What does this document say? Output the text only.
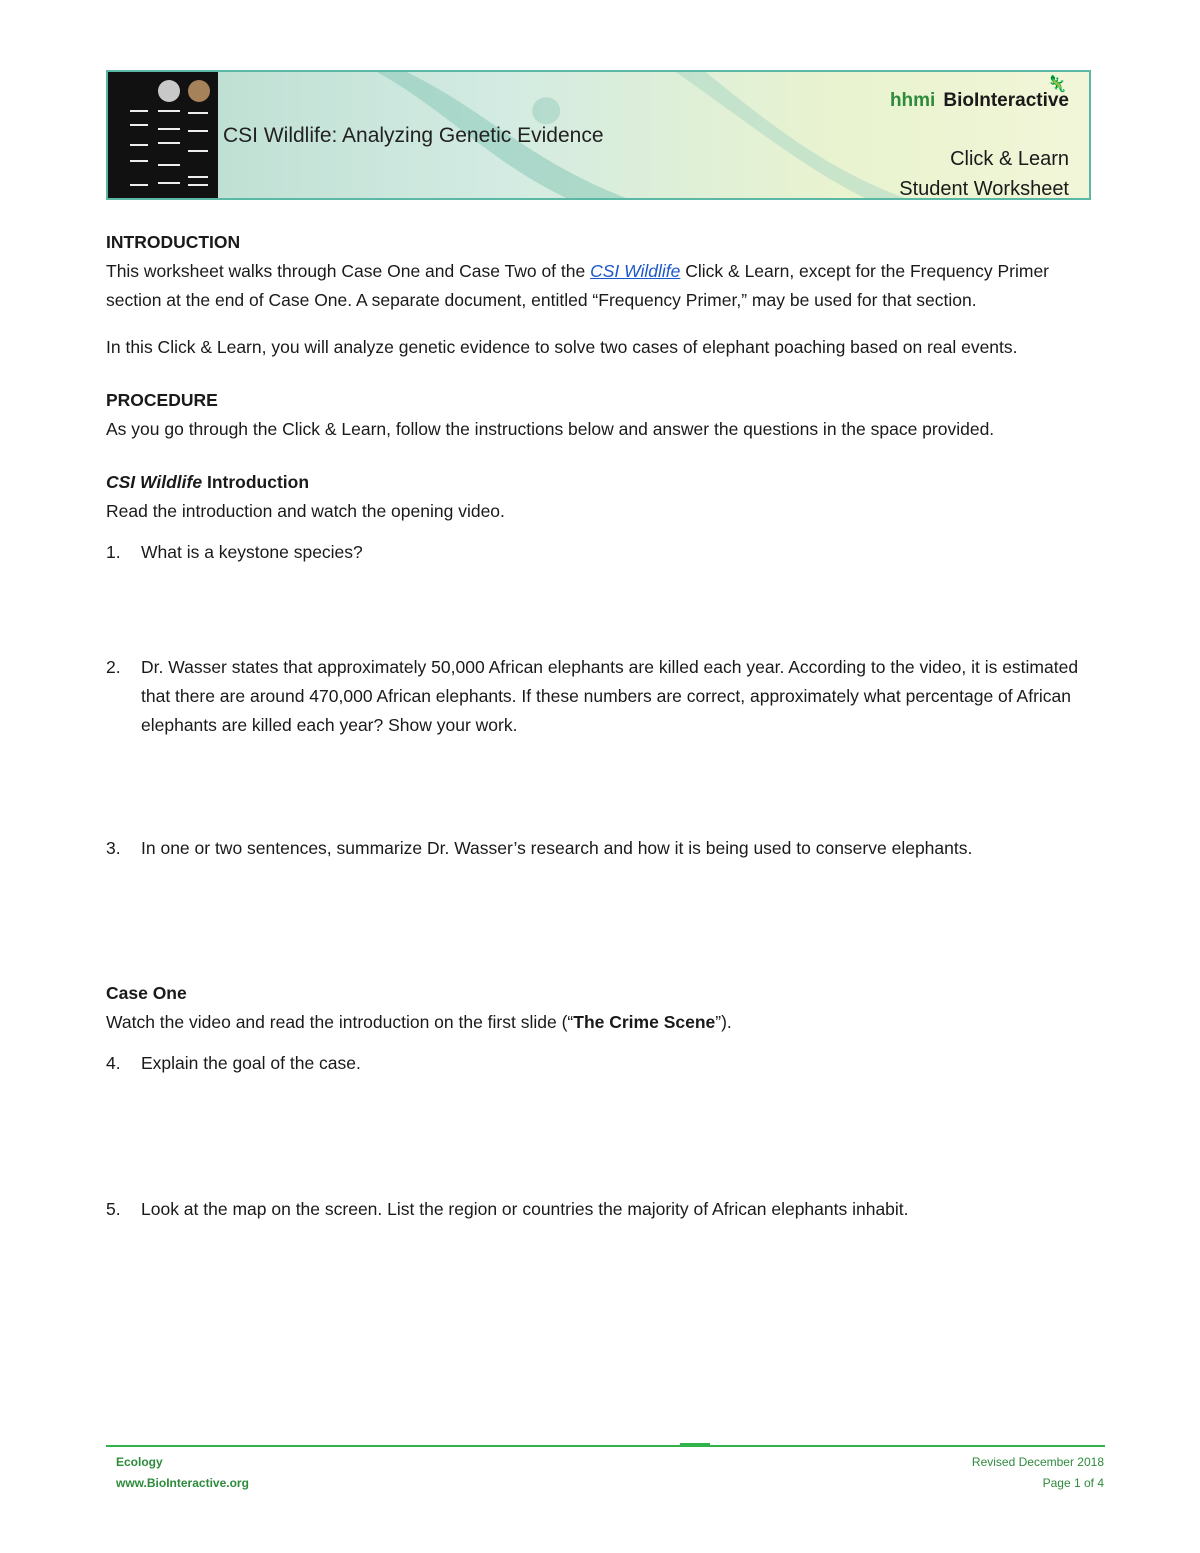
CSI Wildlife: Analyzing Genetic Evidence
🦎
hhmi BioInteractive
Click & Learn
Student Worksheet
INTRODUCTION

This worksheet walks through Case One and Case Two of the CSI Wildlife Click & Learn, except for the Frequency Primer section at the end of Case One. A separate document, entitled “Frequency Primer,” may be used for that section.

In this Click & Learn, you will analyze genetic evidence to solve two cases of elephant poaching based on real events.

PROCEDURE

As you go through the Click & Learn, follow the instructions below and answer the questions in the space provided.

CSI Wildlife Introduction

Read the introduction and watch the opening video.

1. What is a keystone species?
2. Dr. Wasser states that approximately 50,000 African elephants are killed each year. According to the video, it is estimated that there are around 470,000 African elephants. If these numbers are correct, approximately what percentage of African elephants are killed each year? Show your work.
3. In one or two sentences, summarize Dr. Wasser’s research and how it is being used to conserve elephants.
Case One

Watch the video and read the introduction on the first slide (“The Crime Scene”).

4. Explain the goal of the case.
5. Look at the map on the screen. List the region or countries the majority of African elephants inhabit.
Ecology
www.BioInteractive.org
Revised December 2018
Page 1 of 4
